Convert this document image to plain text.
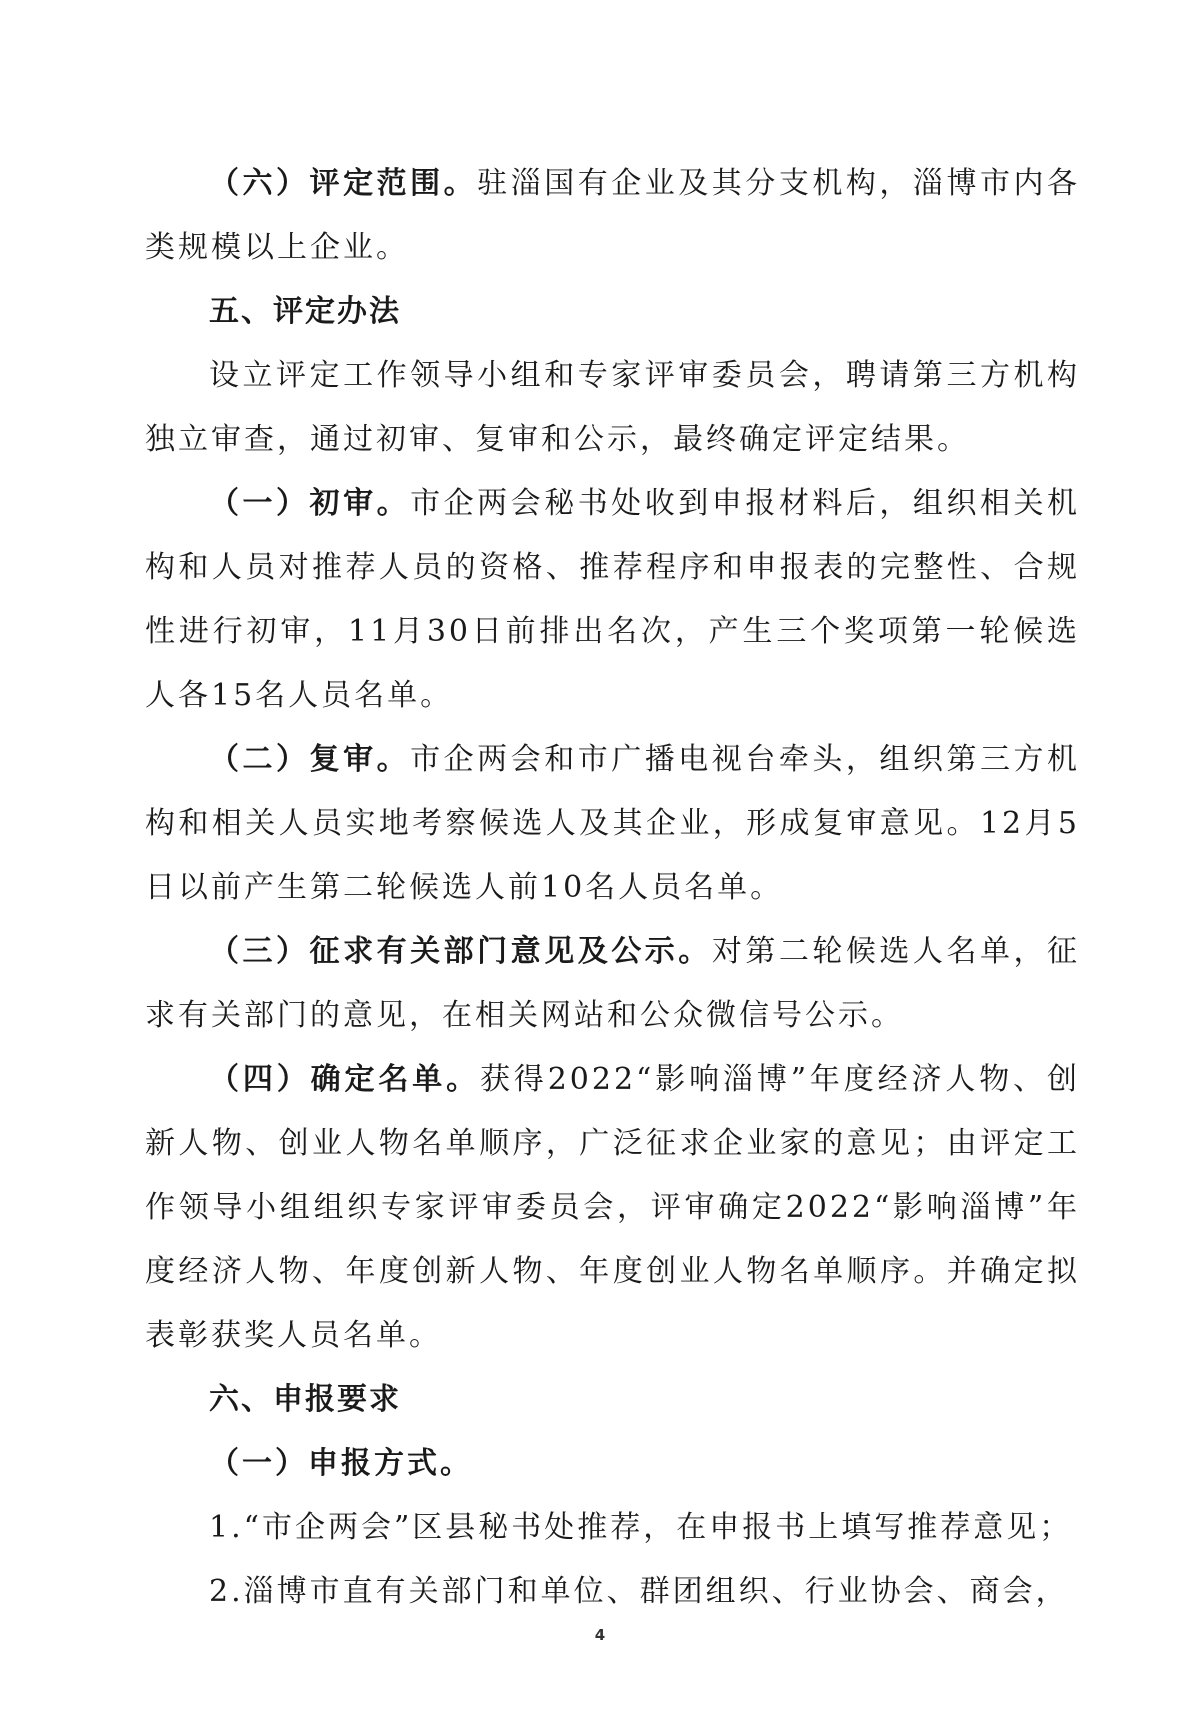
（六）评定范围。驻淄国有企业及其分支机构，淄博市内各类规模以上企业。

五、评定办法

设立评定工作领导小组和专家评审委员会，聘请第三方机构独立审查，通过初审、复审和公示，最终确定评定结果。

（一）初审。市企两会秘书处收到申报材料后，组织相关机构和人员对推荐人员的资格、推荐程序和申报表的完整性、合规性进行初审，11月30日前排出名次，产生三个奖项第一轮候选人各15名人员名单。

（二）复审。市企两会和市广播电视台牵头，组织第三方机构和相关人员实地考察候选人及其企业，形成复审意见。12月5日以前产生第二轮候选人前10名人员名单。

（三）征求有关部门意见及公示。对第二轮候选人名单，征求有关部门的意见，在相关网站和公众微信号公示。

（四）确定名单。获得2022“影响淄博”年度经济人物、创新人物、创业人物名单顺序，广泛征求企业家的意见；由评定工作领导小组组织专家评审委员会，评审确定2022“影响淄博”年度经济人物、年度创新人物、年度创业人物名单顺序。并确定拟表彰获奖人员名单。

六、申报要求

（一）申报方式。

1.“市企两会”区县秘书处推荐，在申报书上填写推荐意见；

2.淄博市直有关部门和单位、群团组织、行业协会、商会，

4
